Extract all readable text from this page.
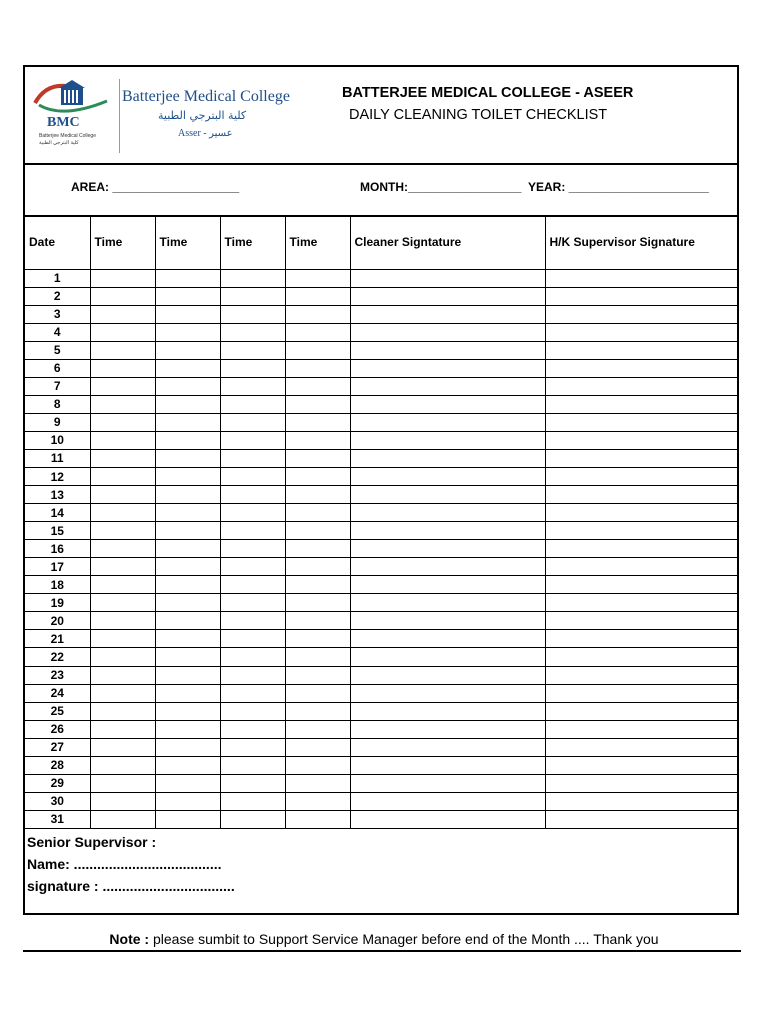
BMC
Batterjee Medical College
كلية البترجي الطبية
Batterjee Medical College
كلية البترجي الطبية
Asser - عسير
BATTERJEE MEDICAL COLLEGE - ASEER
DAILY CLEANING TOILET CHECKLIST
AREA: ___________________	MONTH:_________________ YEAR: _____________________
Date	Time	Time	Time	Time	Cleaner Signtature	H/K Supervisor Signature
1						
2						
3						
4						
5						
6						
7						
8						
9						
10						
11						
12						
13						
14						
15						
16						
17						
18						
19						
20						
21						
22						
23						
24						
25						
26						
27						
28						
29						
30						
31						
Senior Supervisor :
Name: ......................................
signature : ..................................
Note : please sumbit to Support Service Manager before end of the Month .... Thank you
